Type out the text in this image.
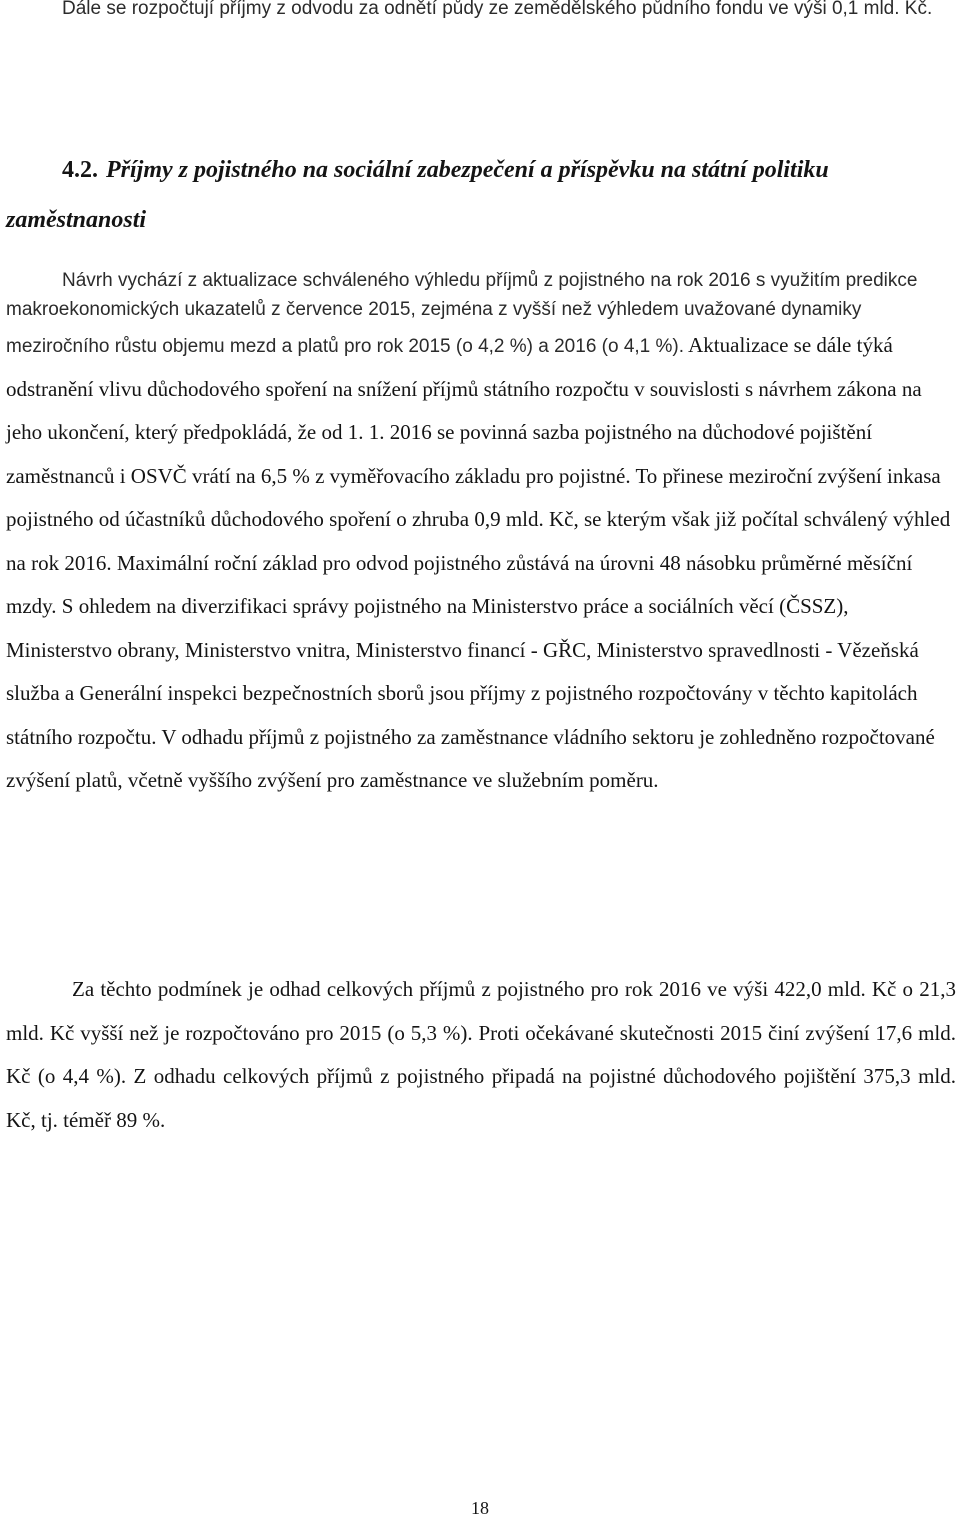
Dále se rozpočtují příjmy z odvodu za odnětí půdy ze zemědělského půdního fondu ve výši 0,1 mld. Kč.

4.2. Příjmy z pojistného na sociální zabezpečení a příspěvku na státní politiku zaměstnanosti

Návrh vychází z aktualizace schváleného výhledu příjmů z pojistného na rok 2016 s využitím predikce makroekonomických ukazatelů z července 2015, zejména z vyšší než výhledem uvažované dynamiky meziročního růstu objemu mezd a platů pro rok 2015 (o 4,2 %) a 2016 (o 4,1 %). Aktualizace se dále týká odstranění vlivu důchodového spoření na snížení příjmů státního rozpočtu v souvislosti s návrhem zákona na jeho ukončení, který předpokládá, že od 1. 1. 2016 se povinná sazba pojistného na důchodové pojištění zaměstnanců i OSVČ vrátí na 6,5 % z vyměřovacího základu pro pojistné. To přinese meziroční zvýšení inkasa pojistného od účastníků důchodového spoření o zhruba 0,9 mld. Kč, se kterým však již počítal schválený výhled na rok 2016. Maximální roční základ pro odvod pojistného zůstává na úrovni 48 násobku průměrné měsíční mzdy. S ohledem na diverzifikaci správy pojistného na Ministerstvo práce a sociálních věcí (ČSSZ), Ministerstvo obrany, Ministerstvo vnitra, Ministerstvo financí - GŘC, Ministerstvo spravedlnosti - Vězeňská služba a Generální inspekci bezpečnostních sborů jsou příjmy z pojistného rozpočtovány v těchto kapitolách státního rozpočtu. V odhadu příjmů z pojistného za zaměstnance vládního sektoru je zohledněno rozpočtované zvýšení platů, včetně vyššího zvýšení pro zaměstnance ve služebním poměru.

Za těchto podmínek je odhad celkových příjmů z pojistného pro rok 2016 ve výši 422,0 mld. Kč o 21,3 mld. Kč vyšší než je rozpočtováno pro 2015 (o 5,3 %). Proti očekávané skutečnosti 2015 činí zvýšení 17,6 mld. Kč (o 4,4 %). Z odhadu celkových příjmů z pojistného připadá na pojistné důchodového pojištění 375,3 mld. Kč, tj. téměř 89 %.

18
